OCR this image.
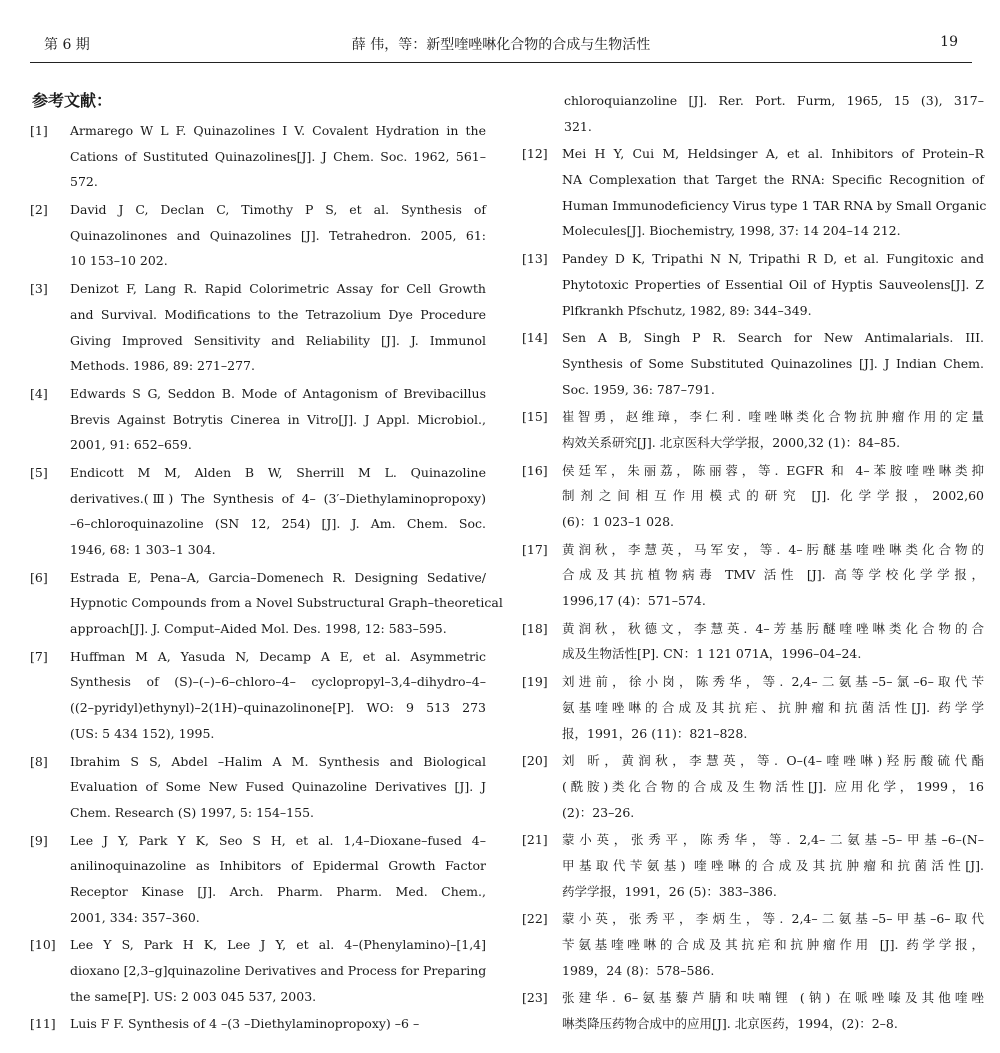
第 6 期	薛 伟，等：新型喹唑啉化合物的合成与生物活性	19
参考文献：
[1] Armarego W L F. Quinazolines I V. Covalent Hydration in the
Cations of Sustituted Quinazolines[J]. J Chem. Soc. 1962, 561–
572.
[2] David J C, Declan C, Timothy P S, et al. Synthesis of
Quinazolinones and Quinazolines [J]. Tetrahedron. 2005, 61:
10 153–10 202.
[3] Denizot F, Lang R. Rapid Colorimetric Assay for Cell Growth
and Survival. Modifications to the Tetrazolium Dye Procedure
Giving Improved Sensitivity and Reliability [J]. J. Immunol
Methods. 1986, 89: 271–277.
[4] Edwards S G, Seddon B. Mode of Antagonism of Brevibacillus
Brevis Against Botrytis Cinerea in Vitro[J]. J Appl. Microbiol.,
2001, 91: 652–659.
[5] Endicott M M, Alden B W, Sherrill M L. Quinazoline
derivatives.(Ⅲ) The Synthesis of 4– (3′–Diethylaminopropoxy)
–6–chloroquinazoline (SN 12, 254) [J]. J. Am. Chem. Soc.
1946, 68: 1 303–1 304.
[6] Estrada E, Pena–A, Garcia–Domenech R. Designing Sedative/
Hypnotic Compounds from a Novel Substructural Graph–theoretical
approach[J]. J. Comput–Aided Mol. Des. 1998, 12: 583–595.
[7] Huffman M A, Yasuda N, Decamp A E, et al. Asymmetric
Synthesis of (S)–(–)–6–chloro–4– cyclopropyl–3,4–dihydro–4–
((2–pyridyl)ethynyl)–2(1H)–quinazolinone[P]. WO: 9 513 273
(US: 5 434 152), 1995.
[8] Ibrahim S S, Abdel –Halim A M. Synthesis and Biological
Evaluation of Some New Fused Quinazoline Derivatives [J]. J
Chem. Research (S) 1997, 5: 154–155.
[9] Lee J Y, Park Y K, Seo S H, et al. 1,4–Dioxane–fused 4–
anilinoquinazoline as Inhibitors of Epidermal Growth Factor
Receptor Kinase [J]. Arch. Pharm. Pharm. Med. Chem.,
2001, 334: 357–360.
[10] Lee Y S, Park H K, Lee J Y, et al. 4–(Phenylamino)–[1,4]
dioxano [2,3–g]quinazoline Derivatives and Process for Preparing
the same[P]. US: 2 003 045 537, 2003.
[11] Luis F F. Synthesis of 4 –(3 –Diethylaminopropoxy) –6 –
chloroquianzoline [J]. Rer. Port. Furm, 1965, 15 (3), 317–
321.
[12] Mei H Y, Cui M, Heldsinger A, et al. Inhibitors of Protein–R
NA Complexation that Target the RNA: Specific Recognition of
Human Immunodeficiency Virus type 1 TAR RNA by Small Organic
Molecules[J]. Biochemistry, 1998, 37: 14 204–14 212.
[13] Pandey D K, Tripathi N N, Tripathi R D, et al. Fungitoxic and
Phytotoxic Properties of Essential Oil of Hyptis Sauveolens[J]. Z
Plfkrankh Pfschutz, 1982, 89: 344–349.
[14] Sen A B, Singh P R. Search for New Antimalarials. III.
Synthesis of Some Substituted Quinazolines [J]. J Indian Chem.
Soc. 1959, 36: 787–791.
[15] 崔智勇，赵维璋，李仁利. 喹唑啉类化合物抗肿瘤作用的定量
构效关系研究[J]. 北京医科大学学报，2000,32 (1)：84–85.
[16] 侯廷军，朱丽荔，陈丽蓉，等. EGFR 和 4–苯胺喹唑啉类抑
制剂之间相互作用模式的研究 [J]. 化学学报，2002,60
(6)：1 023–1 028.
[17] 黄润秋，李慧英，马军安，等. 4–肟醚基喹唑啉类化合物的
合成及其抗植物病毒 TMV 活性 [J]. 高等学校化学学报，
1996,17 (4)：571–574.
[18] 黄润秋，秋德文，李慧英. 4–芳基肟醚喹唑啉类化合物的合
成及生物活性[P]. CN：1 121 071A，1996–04–24.
[19] 刘进前，徐小岗，陈秀华，等. 2,4–二氨基–5–氯–6–取代苄
氨基喹唑啉的合成及其抗疟、抗肿瘤和抗菌活性[J]. 药学学
报，1991，26 (11)：821–828.
[20] 刘 昕，黄润秋，李慧英，等. O–(4–喹唑啉)羟肟酸硫代酯
(酰胺)类化合物的合成及生物活性[J]. 应用化学，1999，16
(2)：23–26.
[21] 蒙小英，张秀平，陈秀华，等. 2,4–二氨基–5–甲基–6–(N–
甲基取代苄氨基) 喹唑啉的合成及其抗肿瘤和抗菌活性[J].
药学学报，1991，26 (5)：383–386.
[22] 蒙小英，张秀平，李炳生，等. 2,4–二氨基–5–甲基–6–取代
苄氨基喹唑啉的合成及其抗疟和抗肿瘤作用 [J]. 药学学报，
1989，24 (8)：578–586.
[23] 张建华. 6–氨基藜芦腈和呋喃锂 (钠) 在哌唑嗪及其他喹唑
啉类降压药物合成中的应用[J]. 北京医药，1994，(2)：2–8.
